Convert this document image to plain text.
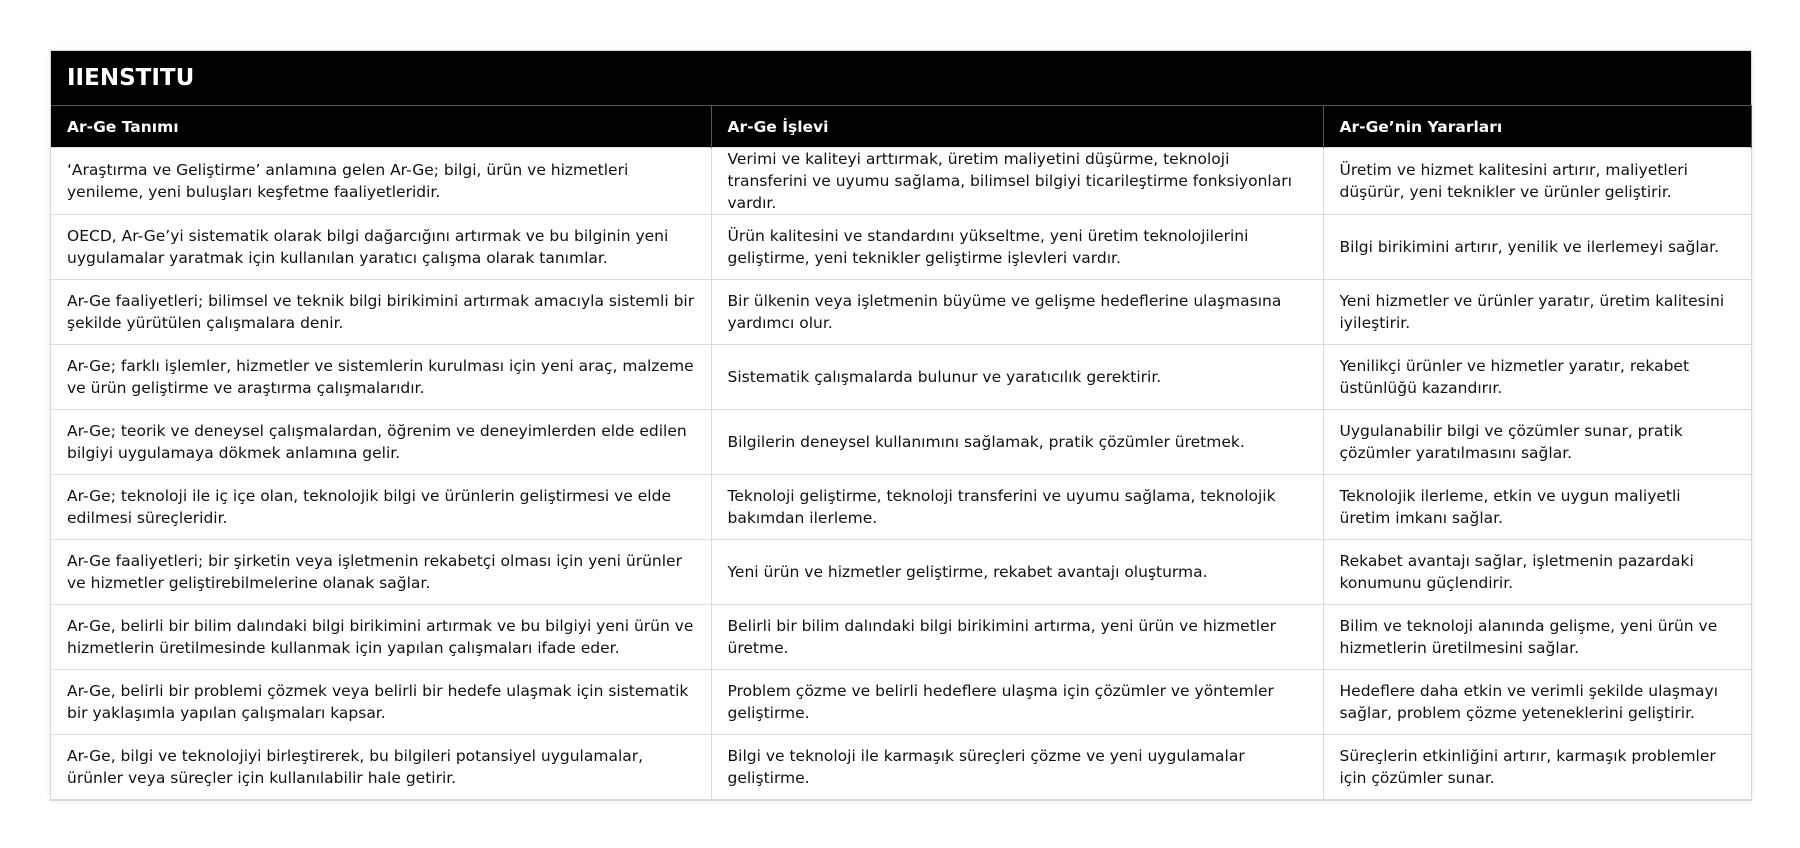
IIENSTITU
Ar-Ge Tanımı	Ar-Ge İşlevi	Ar-Ge’nin Yararları
‘Araştırma ve Geliştirme’ anlamına gelen Ar-Ge; bilgi, ürün ve hizmetleri yenileme, yeni buluşları keşfetme faaliyetleridir.	Verimi ve kaliteyi arttırmak, üretim maliyetini düşürme, teknoloji transferini ve uyumu sağlama, bilimsel bilgiyi ticarileştirme fonksiyonları vardır.	Üretim ve hizmet kalitesini artırır, maliyetleri düşürür, yeni teknikler ve ürünler geliştirir.
OECD, Ar-Ge’yi sistematik olarak bilgi dağarcığını artırmak ve bu bilginin yeni uygulamalar yaratmak için kullanılan yaratıcı çalışma olarak tanımlar.	Ürün kalitesini ve standardını yükseltme, yeni üretim teknolojilerini geliştirme, yeni teknikler geliştirme işlevleri vardır.	Bilgi birikimini artırır, yenilik ve ilerlemeyi sağlar.
Ar-Ge faaliyetleri; bilimsel ve teknik bilgi birikimini artırmak amacıyla sistemli bir şekilde yürütülen çalışmalara denir.	Bir ülkenin veya işletmenin büyüme ve gelişme hedeflerine ulaşmasına yardımcı olur.	Yeni hizmetler ve ürünler yaratır, üretim kalitesini iyileştirir.
Ar-Ge; farklı işlemler, hizmetler ve sistemlerin kurulması için yeni araç, malzeme ve ürün geliştirme ve araştırma çalışmalarıdır.	Sistematik çalışmalarda bulunur ve yaratıcılık gerektirir.	Yenilikçi ürünler ve hizmetler yaratır, rekabet üstünlüğü kazandırır.
Ar-Ge; teorik ve deneysel çalışmalardan, öğrenim ve deneyimlerden elde edilen bilgiyi uygulamaya dökmek anlamına gelir.	Bilgilerin deneysel kullanımını sağlamak, pratik çözümler üretmek.	Uygulanabilir bilgi ve çözümler sunar, pratik çözümler yaratılmasını sağlar.
Ar-Ge; teknoloji ile iç içe olan, teknolojik bilgi ve ürünlerin geliştirmesi ve elde edilmesi süreçleridir.	Teknoloji geliştirme, teknoloji transferini ve uyumu sağlama, teknolojik bakımdan ilerleme.	Teknolojik ilerleme, etkin ve uygun maliyetli üretim imkanı sağlar.
Ar-Ge faaliyetleri; bir şirketin veya işletmenin rekabetçi olması için yeni ürünler ve hizmetler geliştirebilmelerine olanak sağlar.	Yeni ürün ve hizmetler geliştirme, rekabet avantajı oluşturma.	Rekabet avantajı sağlar, işletmenin pazardaki konumunu güçlendirir.
Ar-Ge, belirli bir bilim dalındaki bilgi birikimini artırmak ve bu bilgiyi yeni ürün ve hizmetlerin üretilmesinde kullanmak için yapılan çalışmaları ifade eder.	Belirli bir bilim dalındaki bilgi birikimini artırma, yeni ürün ve hizmetler üretme.	Bilim ve teknoloji alanında gelişme, yeni ürün ve hizmetlerin üretilmesini sağlar.
Ar-Ge, belirli bir problemi çözmek veya belirli bir hedefe ulaşmak için sistematik bir yaklaşımla yapılan çalışmaları kapsar.	Problem çözme ve belirli hedeflere ulaşma için çözümler ve yöntemler geliştirme.	Hedeflere daha etkin ve verimli şekilde ulaşmayı sağlar, problem çözme yeteneklerini geliştirir.
Ar-Ge, bilgi ve teknolojiyi birleştirerek, bu bilgileri potansiyel uygulamalar, ürünler veya süreçler için kullanılabilir hale getirir.	Bilgi ve teknoloji ile karmaşık süreçleri çözme ve yeni uygulamalar geliştirme.	Süreçlerin etkinliğini artırır, karmaşık problemler için çözümler sunar.
